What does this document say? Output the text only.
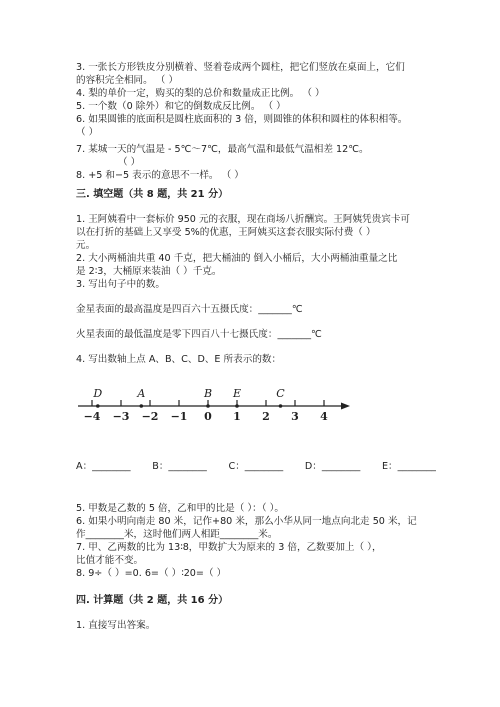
3. 一张长方形铁皮分别横着、竖着卷成两个圆柱，把它们竖放在桌面上，它们
的容积完全相同。 （ ）
4. 梨的单价一定，购买的梨的总价和数量成正比例。 （ ）
5. 一个数（0 除外）和它的倒数成反比例。 （ ）
6. 如果圆锥的底面积是圆柱底面积的 3 倍，则圆锥的体积和圆柱的体积相等。
（ ）
7. 某城一天的气温是 - 5℃～7℃，最高气温和最低气温相差 12℃。
（ ）
8. +5 和−5 表示的意思不一样。 （ ）
三. 填空题（共 8 题，共 21 分）
1. 王阿姨看中一套标价 950 元的衣服，现在商场八折酬宾。王阿姨凭贵宾卡可
以在打折的基础上又享受 5%的优惠，王阿姨买这套衣服实际付费（ ）
元。
2. 大小两桶油共重 40 千克，把大桶油的 倒入小桶后，大小两桶油重量之比
是 2∶3，大桶原来装油（ ）千克。
3. 写出句子中的数。
金星表面的最高温度是四百六十五摄氏度：_______℃
火星表面的最低温度是零下四百八十七摄氏度：_______℃
4. 写出数轴上点 A、B、C、D、E 所表示的数：
−4 −3 −2 −1 0 1 2 3 4
D	A	B E	C
A：________ B：________ C：________ D：________ E：________
5. 甲数是乙数的 5 倍，乙和甲的比是（ ）：（ ）。
6. 如果小明向南走 80 米，记作+80 米，那么小华从同一地点向北走 50 米，记
作________米，这时他们两人相距________米。
7. 甲、乙两数的比为 13∶8，甲数扩大为原来的 3 倍，乙数要加上（ ），
比值才能不变。
8. 9÷（ ）=0. 6=（ ）∶20=（ ）
四. 计算题（共 2 题，共 16 分）
1. 直接写出答案。
